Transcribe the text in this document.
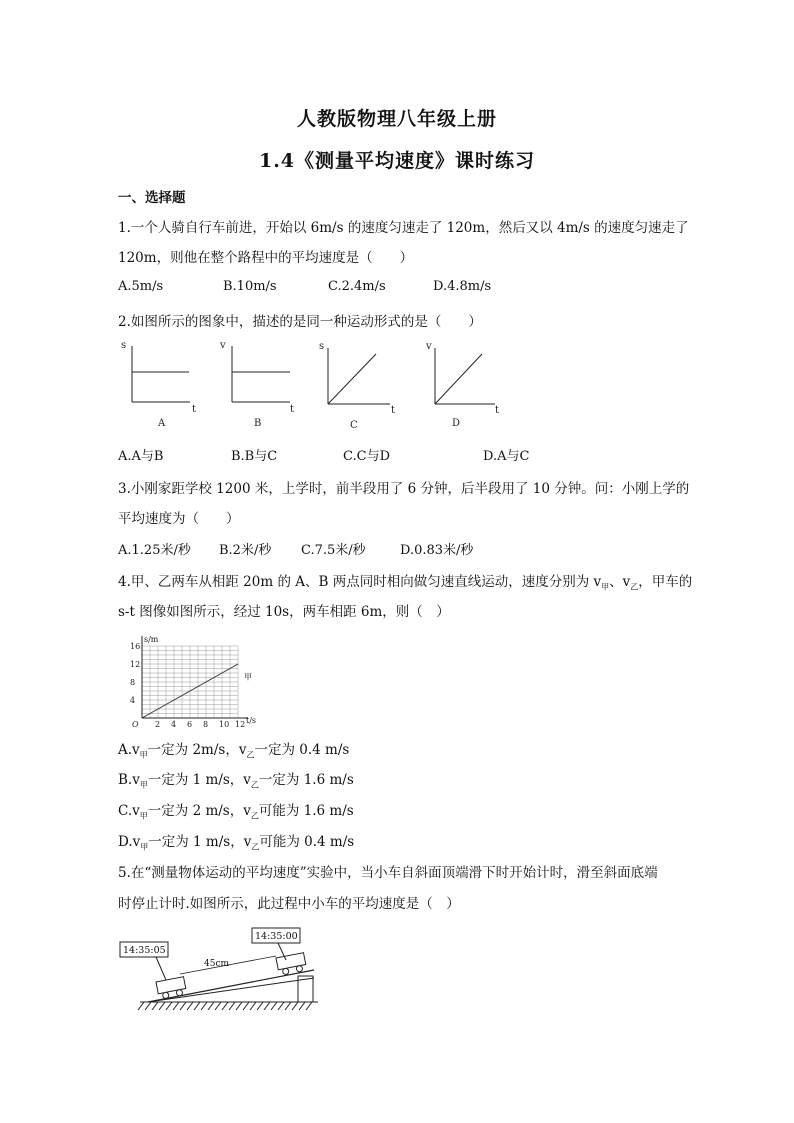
人教版物理八年级上册
1.4《测量平均速度》课时练习
一、选择题
1.一个人骑自行车前进，开始以 6m/s 的速度匀速走了 120m，然后又以 4m/s 的速度匀速走了
120m，则他在整个路程中的平均速度是（　　）
A.5m/s	B.10m/s	C.2.4m/s	D.4.8m/s
2.如图所示的图象中，描述的是同一种运动形式的是（　　）
s
t
A
v
t
B
s
t
C
v
t
D
A.A与B	B.B与C	C.C与D	D.A与C
3.小刚家距学校 1200 米，上学时，前半段用了 6 分钟，后半段用了 10 分钟。问：小刚上学的
平均速度为（　　）
A.1.25米/秒 B.2米/秒 C.7.5米/秒	D.0.83米/秒
4.甲、乙两车从相距 20m 的 A、B 两点同时相向做匀速直线运动，速度分别为 $v_甲$、$v_乙$，甲车的
s-t 图像如图所示，经过 10s，两车相距 6m，则（　）
2 4 6 8 10 12
4
8
12
16
O
s/m
t/s
甲
$A.v_甲$一定为 2m/s，$v_乙$一定为 0.4 m/s
$B.v_甲$一定为 1 m/s，$v_乙$一定为 1.6 m/s
$C.v_甲$一定为 2 m/s，$v_乙$可能为 1.6 m/s
$D.v_甲$一定为 1 m/s，$v_乙$可能为 0.4 m/s
5.在“测量物体运动的平均速度”实验中，当小车自斜面顶端滑下时开始计时，滑至斜面底端
时停止计时.如图所示，此过程中小车的平均速度是（　）
14:35:05
14:35:00
45cm
